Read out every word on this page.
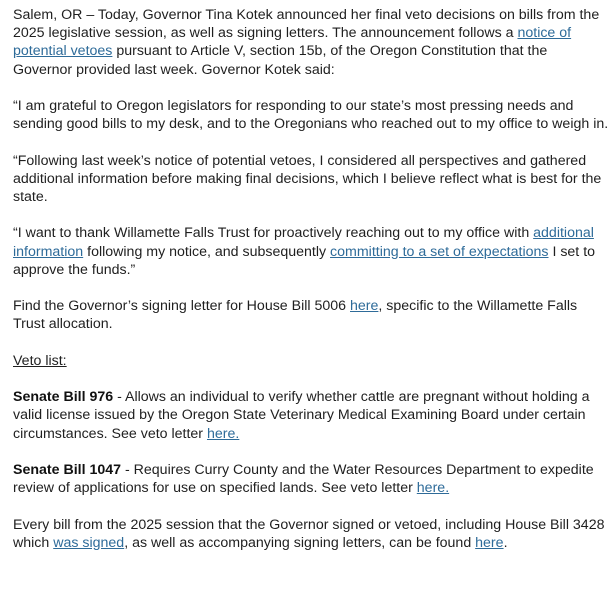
Salem, OR – Today, Governor Tina Kotek announced her final veto decisions on bills from the 2025 legislative session, as well as signing letters. The announcement follows a notice of potential vetoes pursuant to Article V, section 15b, of the Oregon Constitution that the Governor provided last week. Governor Kotek said:

“I am grateful to Oregon legislators for responding to our state’s most pressing needs and sending good bills to my desk, and to the Oregonians who reached out to my office to weigh in.

“Following last week’s notice of potential vetoes, I considered all perspectives and gathered additional information before making final decisions, which I believe reflect what is best for the state.

“I want to thank Willamette Falls Trust for proactively reaching out to my office with additional information following my notice, and subsequently committing to a set of expectations I set to approve the funds.”

Find the Governor’s signing letter for House Bill 5006 here, specific to the Willamette Falls Trust allocation.

Veto list:

Senate Bill 976 - Allows an individual to verify whether cattle are pregnant without holding a valid license issued by the Oregon State Veterinary Medical Examining Board under certain circumstances. See veto letter here.

Senate Bill 1047 - Requires Curry County and the Water Resources Department to expedite review of applications for use on specified lands. See veto letter here.

Every bill from the 2025 session that the Governor signed or vetoed, including House Bill 3428 which was signed, as well as accompanying signing letters, can be found here.
